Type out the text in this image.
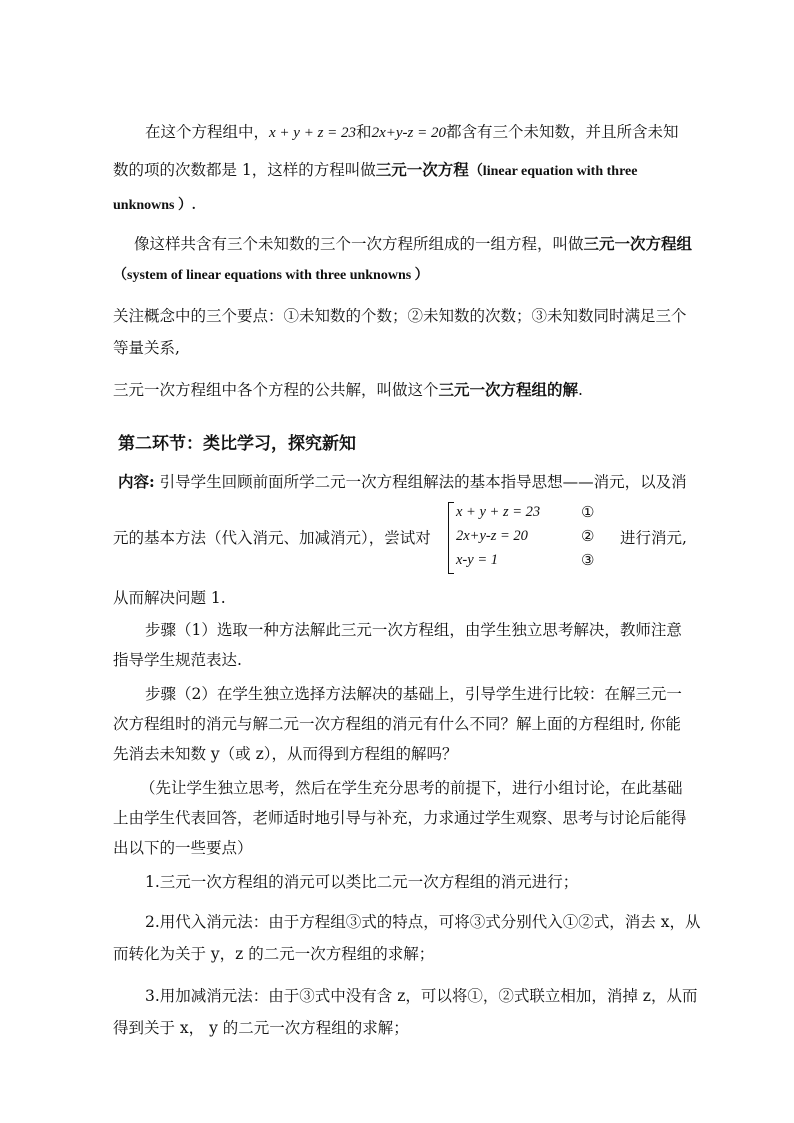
在这个方程组中，x + y + z = 23和2x+y-z = 20都含有三个未知数，并且所含未知
数的项的次数都是 1，这样的方程叫做三元一次方程（linear equation with three
unknowns ）.
像这样共含有三个未知数的三个一次方程所组成的一组方程，叫做三元一次方程组
（system of linear equations with three unknowns ）
关注概念中的三个要点：①未知数的个数；②未知数的次数；③未知数同时满足三个
等量关系,
三元一次方程组中各个方程的公共解，叫做这个三元一次方程组的解.
第二环节：类比学习，探究新知
内容: 引导学生回顾前面所学二元一次方程组解法的基本指导思想——消元，以及消
元的基本方法（代入消元、加减消元），尝试对
x + y + z = 23
2x+y-z = 20
x-y = 1
①
②
③
进行消元,
从而解决问题 1.
步骤（1）选取一种方法解此三元一次方程组，由学生独立思考解决，教师注意
指导学生规范表达.
步骤（2）在学生独立选择方法解决的基础上，引导学生进行比较：在解三元一
次方程组时的消元与解二元一次方程组的消元有什么不同？解上面的方程组时, 你能
先消去未知数 y（或 z），从而得到方程组的解吗？
（先让学生独立思考，然后在学生充分思考的前提下，进行小组讨论，在此基础
上由学生代表回答，老师适时地引导与补充，力求通过学生观察、思考与讨论后能得
出以下的一些要点）
1.三元一次方程组的消元可以类比二元一次方程组的消元进行；
2.用代入消元法：由于方程组③式的特点，可将③式分别代入①②式，消去 x，从
而转化为关于 y，z 的二元一次方程组的求解；
3.用加减消元法：由于③式中没有含 z，可以将①，②式联立相加，消掉 z，从而
得到关于 x， y 的二元一次方程组的求解；
